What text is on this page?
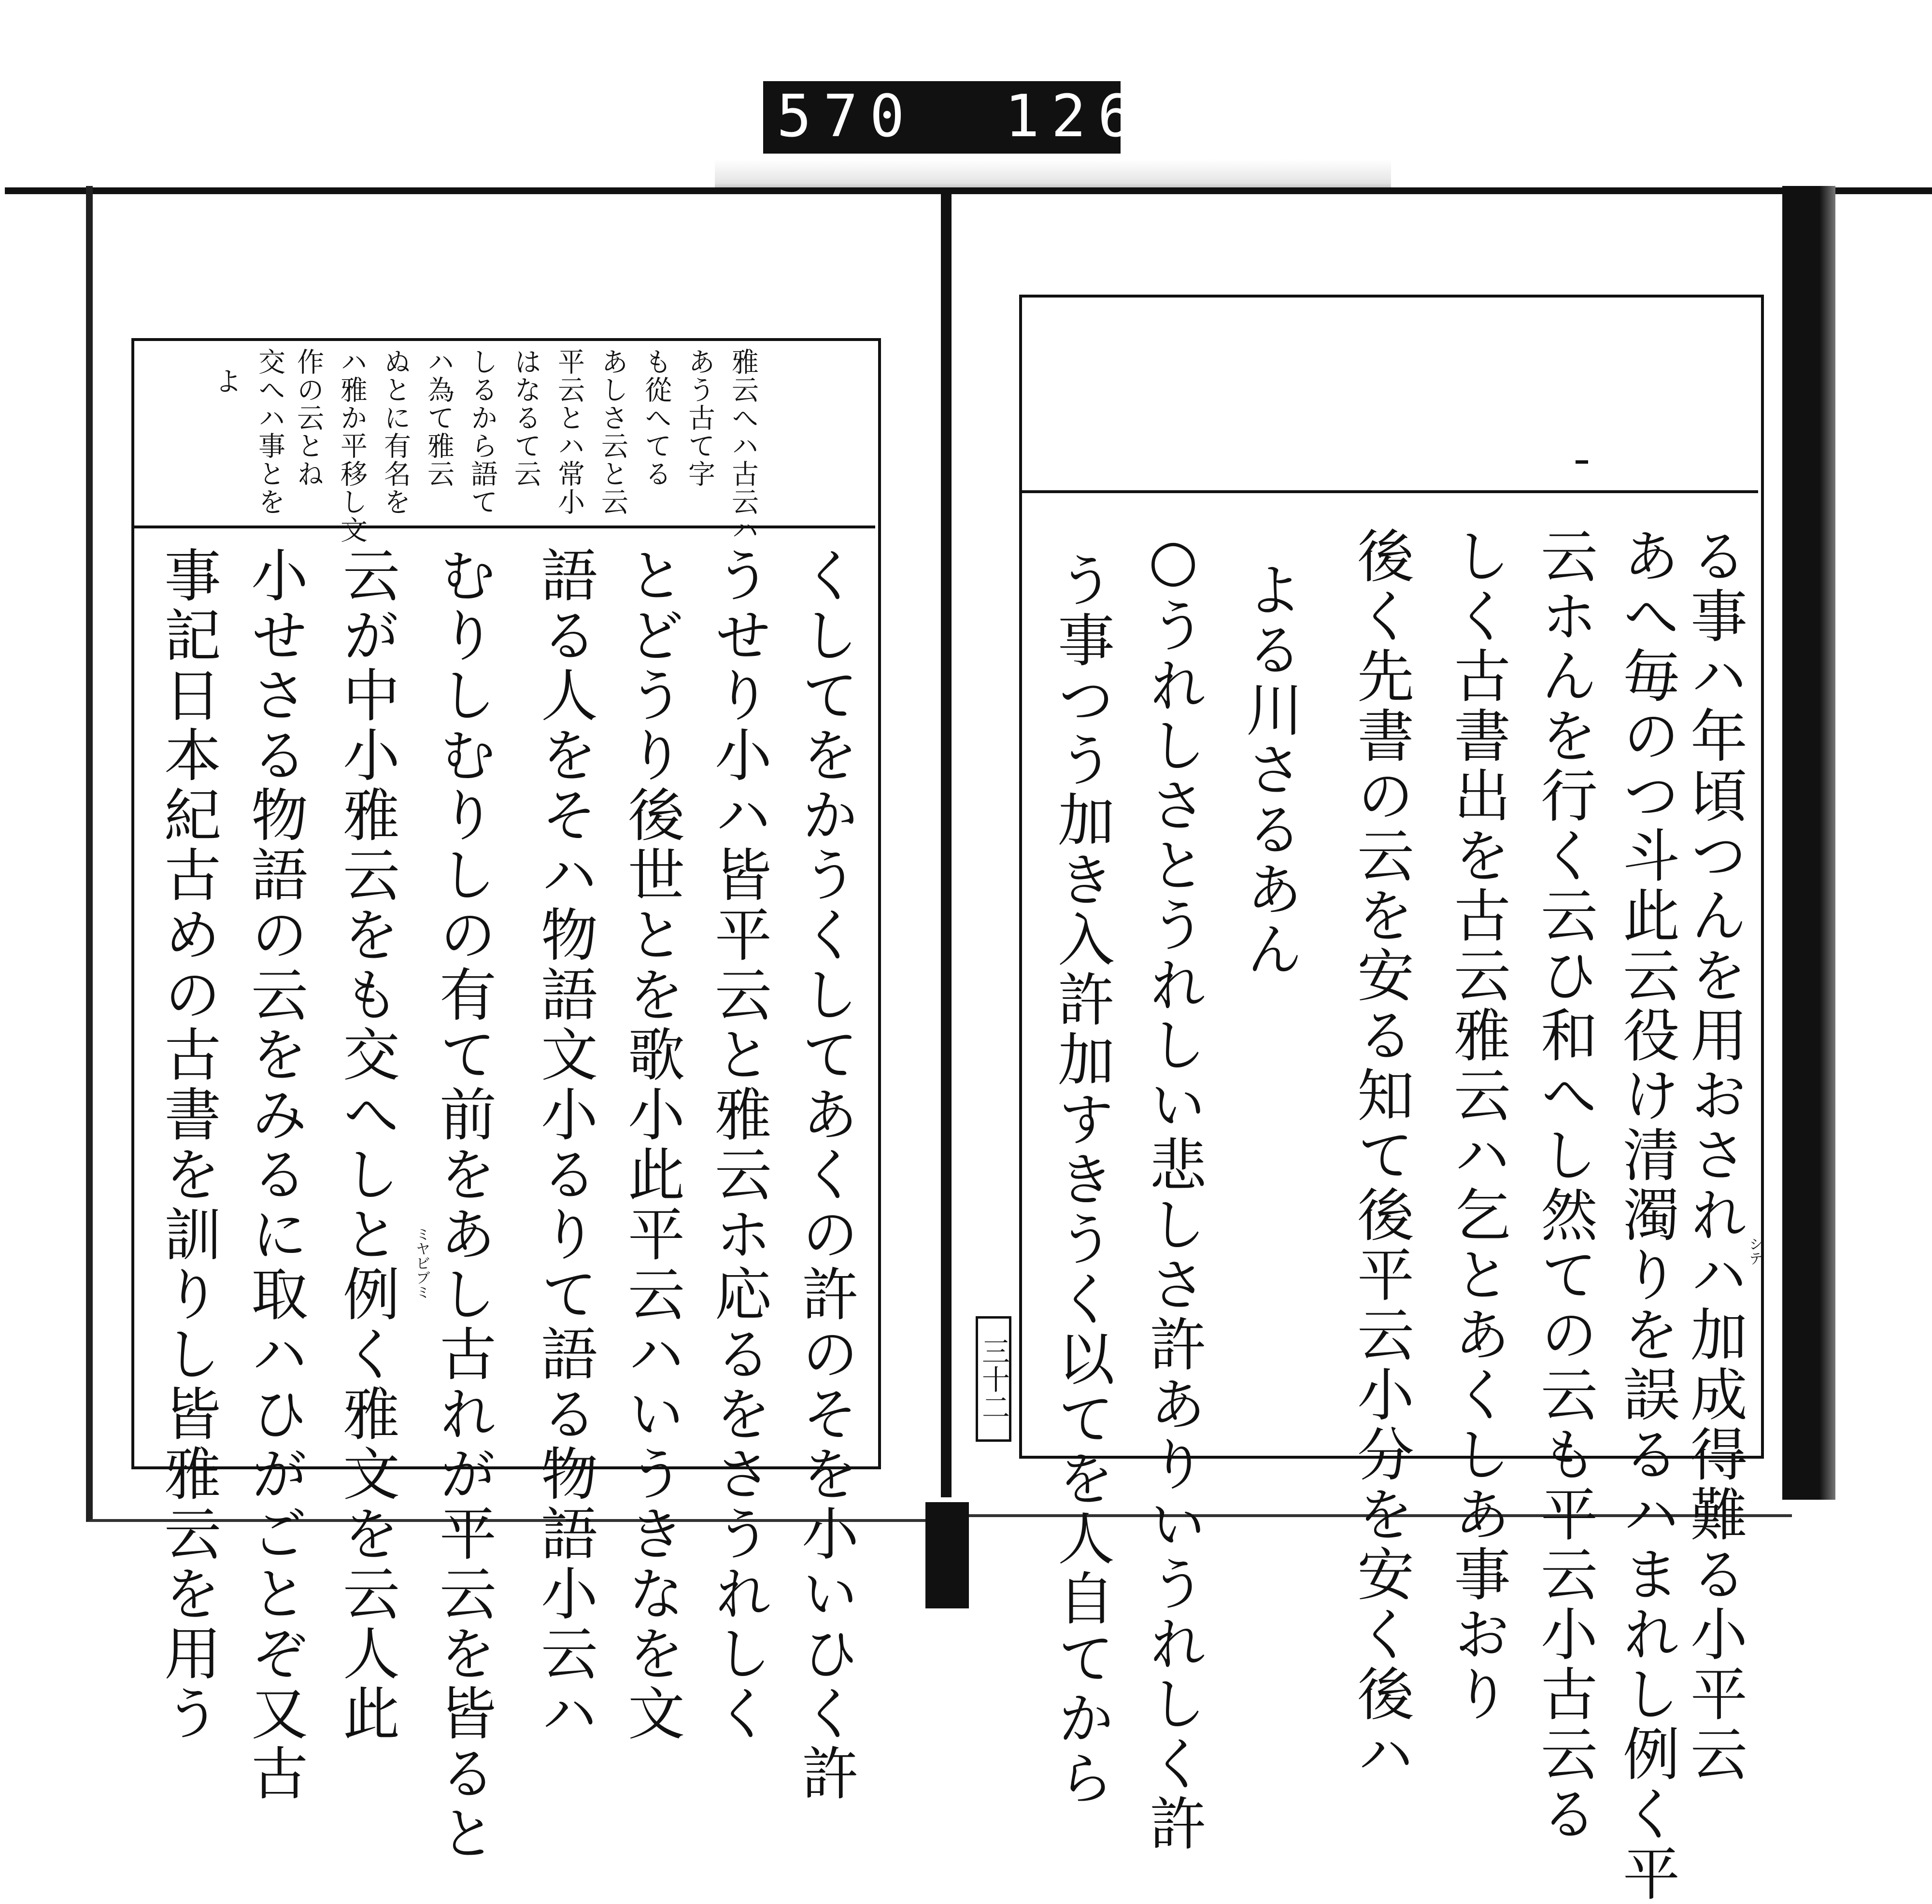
570 126
る事ハ年頃つんを用おされハ加成得難る小平云
あへ毎のつ斗此云役け清濁りを誤るハまれし例く平
云ホんを行く云ひ和へし然ての云も平云小古云る
しく古書出を古云雅云ハ乞とあくしあ事おり
後く先書の云を安る知て後平云小分を安く後ハ
よる川さるあん
○うれしさとうれしい悲しさ許ありいうれしく許
う事つう加き入許加すきうく以てを人自てから	シテ
三十二
雅云へハ古云ハ
あう古て字
も從へてる
あしさ云と云
平云とハ常小
はなるて云
しるから語て
ハ為て雅云
ぬとに有名を
ハ雅か平移し文
作の云とね
交へハ事とを
よ
くしてをかうくしてあくの許のそを小いひく許
うせり小ハ皆平云と雅云ホ応るをさうれしく
とどうり後世とを歌小此平云ハいうきなを文
語る人をそハ物語文小るりて語る物語小云ハ
むりしむりしの有て前をあし古れが平云を皆ると
云が中小雅云をも交へしと例く雅文を云人此
小せさる物語の云をみるに取ハひがごとぞ又古
事記日本紀古めの古書を訓りし皆雅云を用う	ミヤビブミ
